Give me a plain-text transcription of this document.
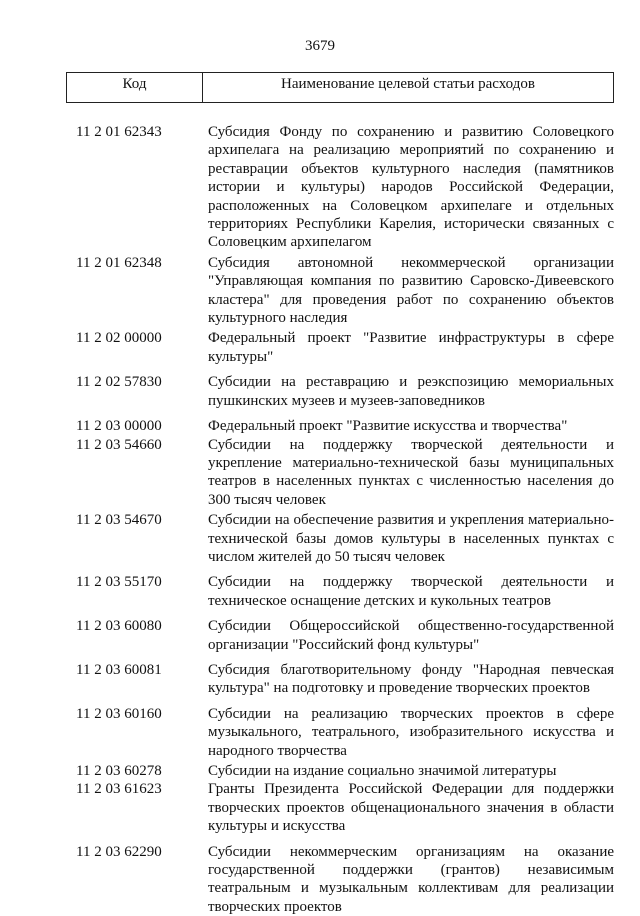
3679
Код	Наименование целевой статьи расходов
11 2 01 62343	Субсидия Фонду по сохранению и развитию Соловецкого архипелага на реализацию мероприятий по сохранению и реставрации объектов культурного наследия (памятников истории и культуры) народов Российской Федерации, расположенных на Соловецком архипелаге и отдельных территориях Республики Карелия, исторически связанных с Соловецким архипелагом
11 2 01 62348	Субсидия автономной некоммерческой организации "Управляющая компания по развитию Саровско-Дивеевского кластера" для проведения работ по сохранению объектов культурного наследия
11 2 02 00000	Федеральный проект "Развитие инфраструктуры в сфере культуры"
11 2 02 57830	Субсидии на реставрацию и реэкспозицию мемориальных пушкинских музеев и музеев-заповедников
11 2 03 00000	Федеральный проект "Развитие искусства и творчества"
11 2 03 54660	Субсидии на поддержку творческой деятельности и укрепление материально-технической базы муниципальных театров в населенных пунктах с численностью населения до 300 тысяч человек
11 2 03 54670	Субсидии на обеспечение развития и укрепления материально-технической базы домов культуры в населенных пунктах с числом жителей до 50 тысяч человек
11 2 03 55170	Субсидии на поддержку творческой деятельности и техническое оснащение детских и кукольных театров
11 2 03 60080	Субсидии Общероссийской общественно-государственной организации "Российский фонд культуры"
11 2 03 60081	Субсидия благотворительному фонду "Народная певческая культура" на подготовку и проведение творческих проектов
11 2 03 60160	Субсидии на реализацию творческих проектов в сфере музыкального, театрального, изобразительного искусства и народного творчества
11 2 03 60278	Субсидии на издание социально значимой литературы
11 2 03 61623	Гранты Президента Российской Федерации для поддержки творческих проектов общенационального значения в области культуры и искусства
11 2 03 62290	Субсидии некоммерческим организациям на оказание государственной поддержки (грантов) независимым театральным и музыкальным коллективам для реализации творческих проектов
